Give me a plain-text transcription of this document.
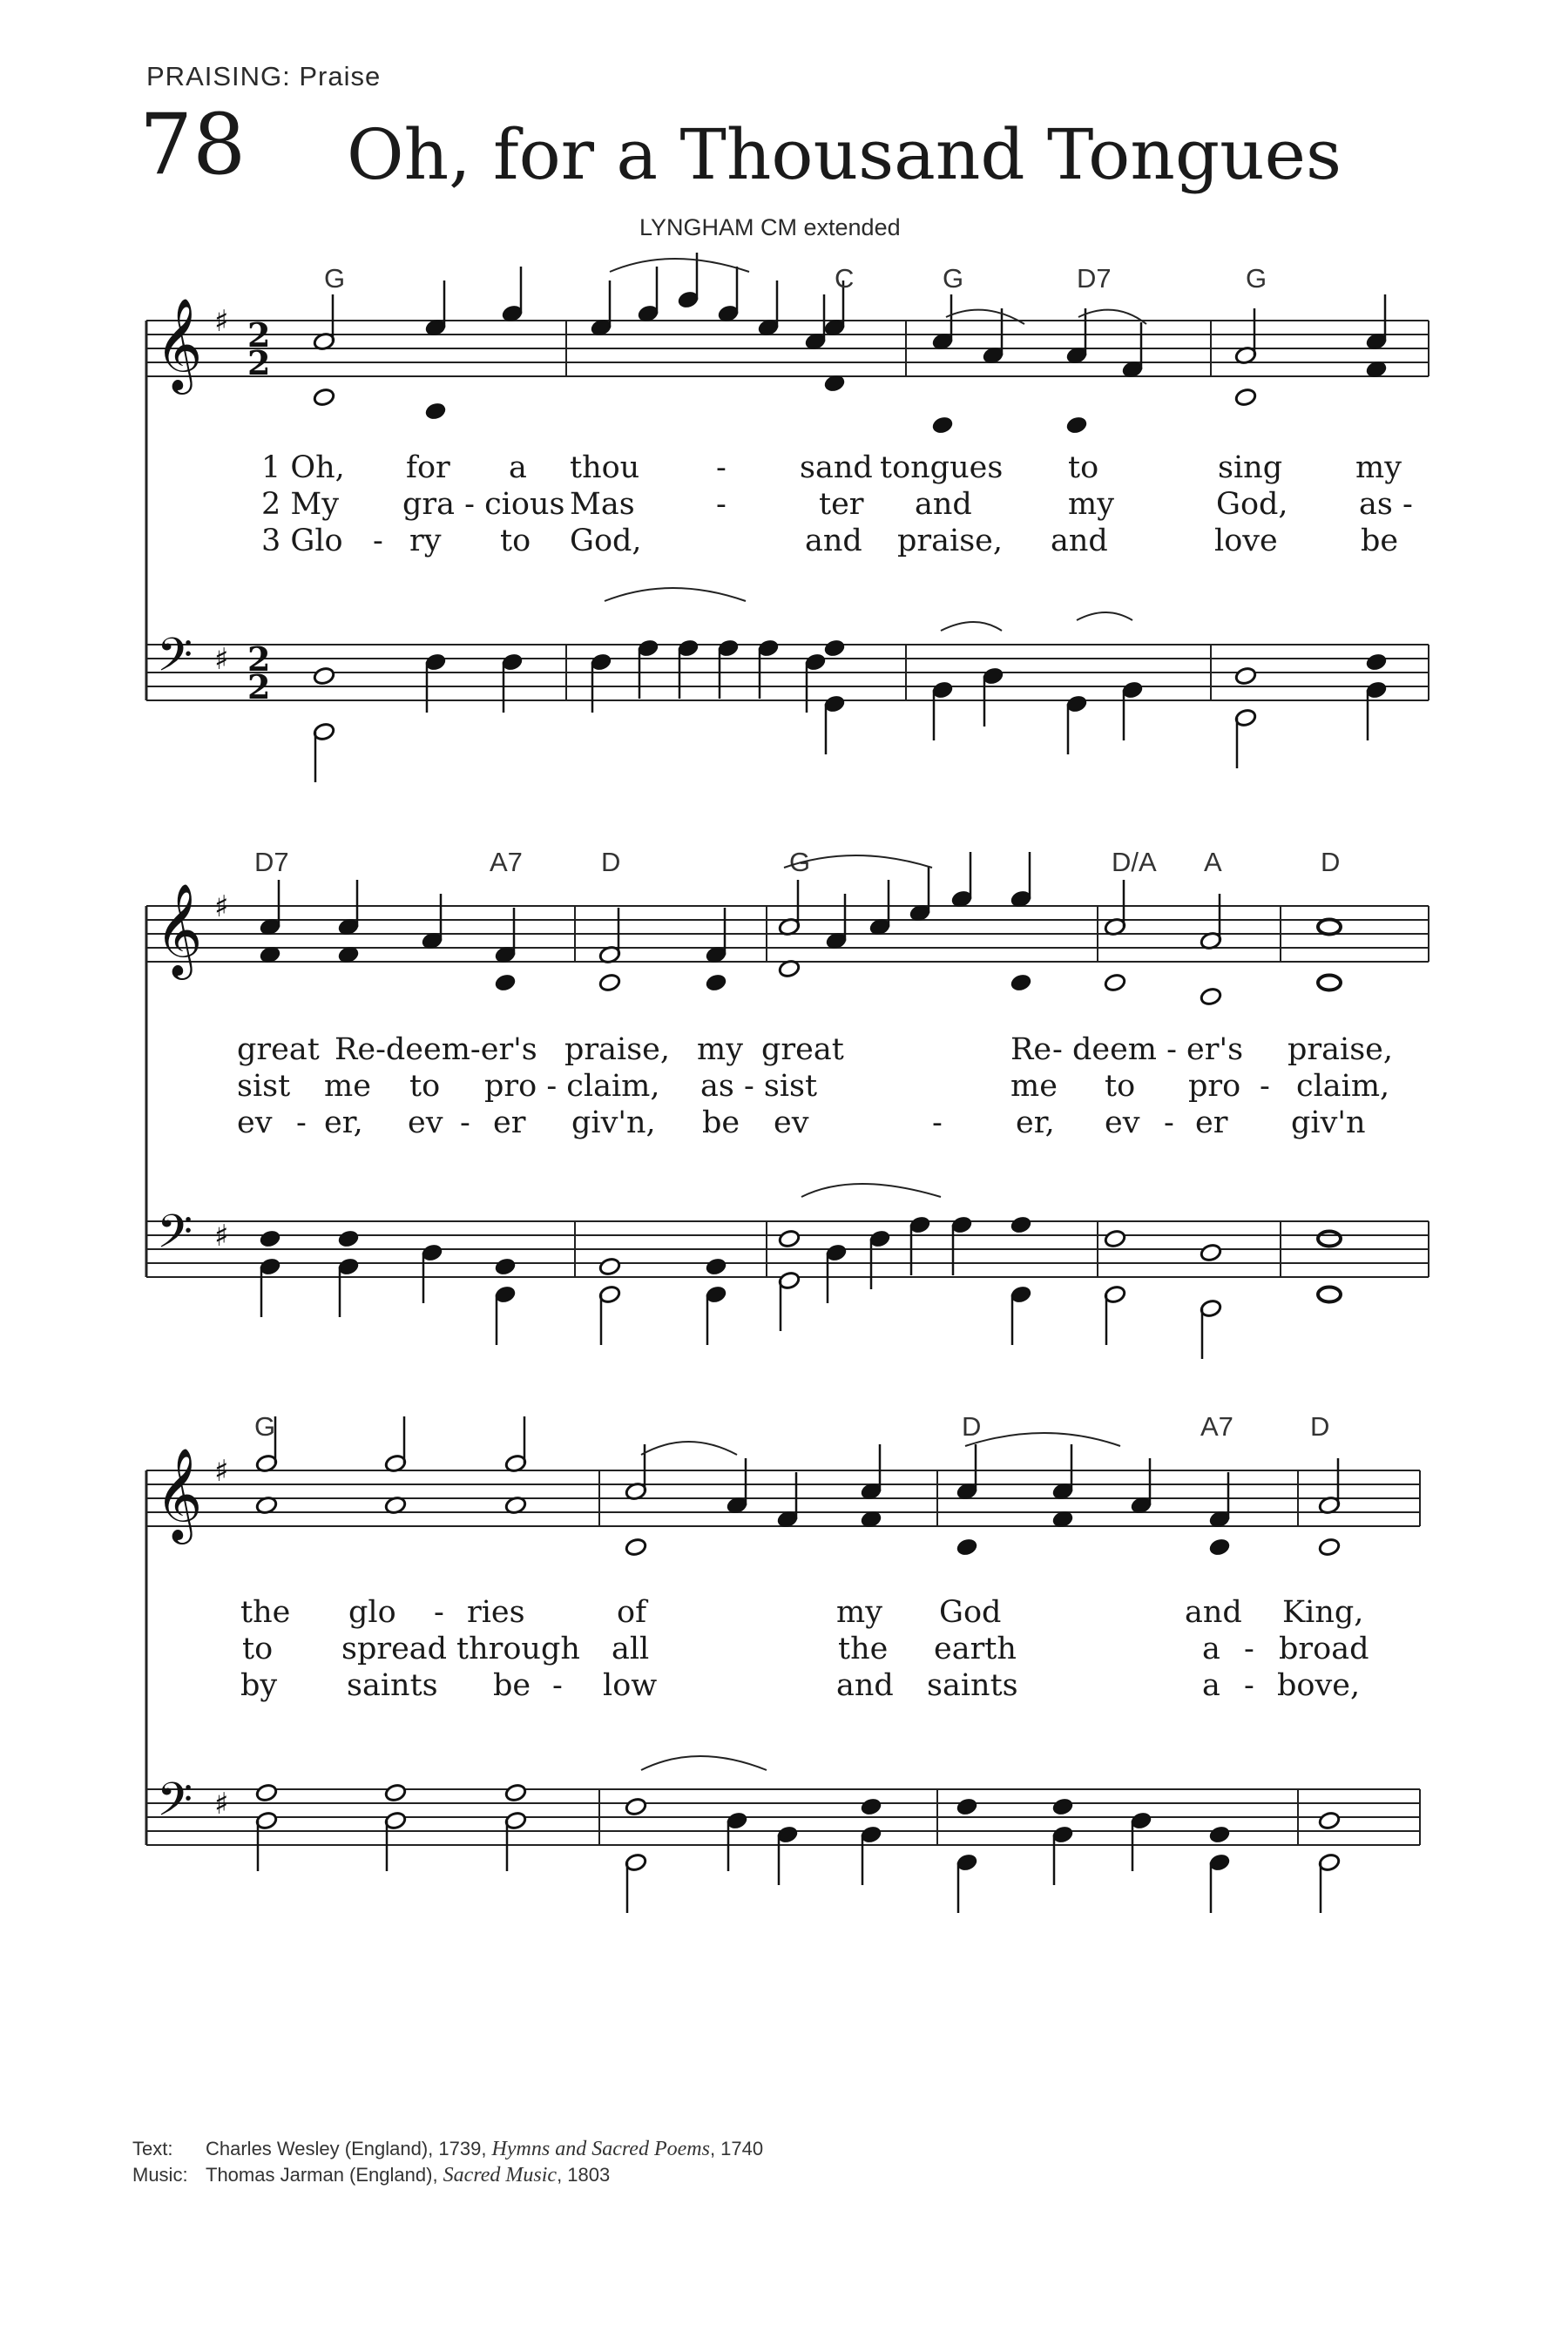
PRAISING: Praise
78 Oh, for a Thousand Tongues
LYNGHAM CM extended
𝄞
𝄢
♯
♯
2
2
2
2
G	C	G	D7	G
1 Oh, for a thou	- sand tongues to	sing my
2 My gra - cious Mas	-	ter and	my	God, as -
3 Glo - ry to God,	and praise, and	love	be
𝄞
𝄢
♯
♯
D7	A7	D	G	D/A A	D
great Re-deem-er's praise, my great	Re - deem - er's praise,
sist me to pro - claim, as - sist	me to pro - claim,
ev - er, ev - er giv'n, be ev	- er, ev - er giv'n
𝄞
𝄢
♯
♯
G	D	A7	D
the glo - ries	of	my God	and King,
to spread through all	the earth	a - broad
by saints be - low	and saints	a - bove,
Text: Charles Wesley (England), 1739, Hymns and Sacred Poems, 1740
Music: Thomas Jarman (England), Sacred Music, 1803
